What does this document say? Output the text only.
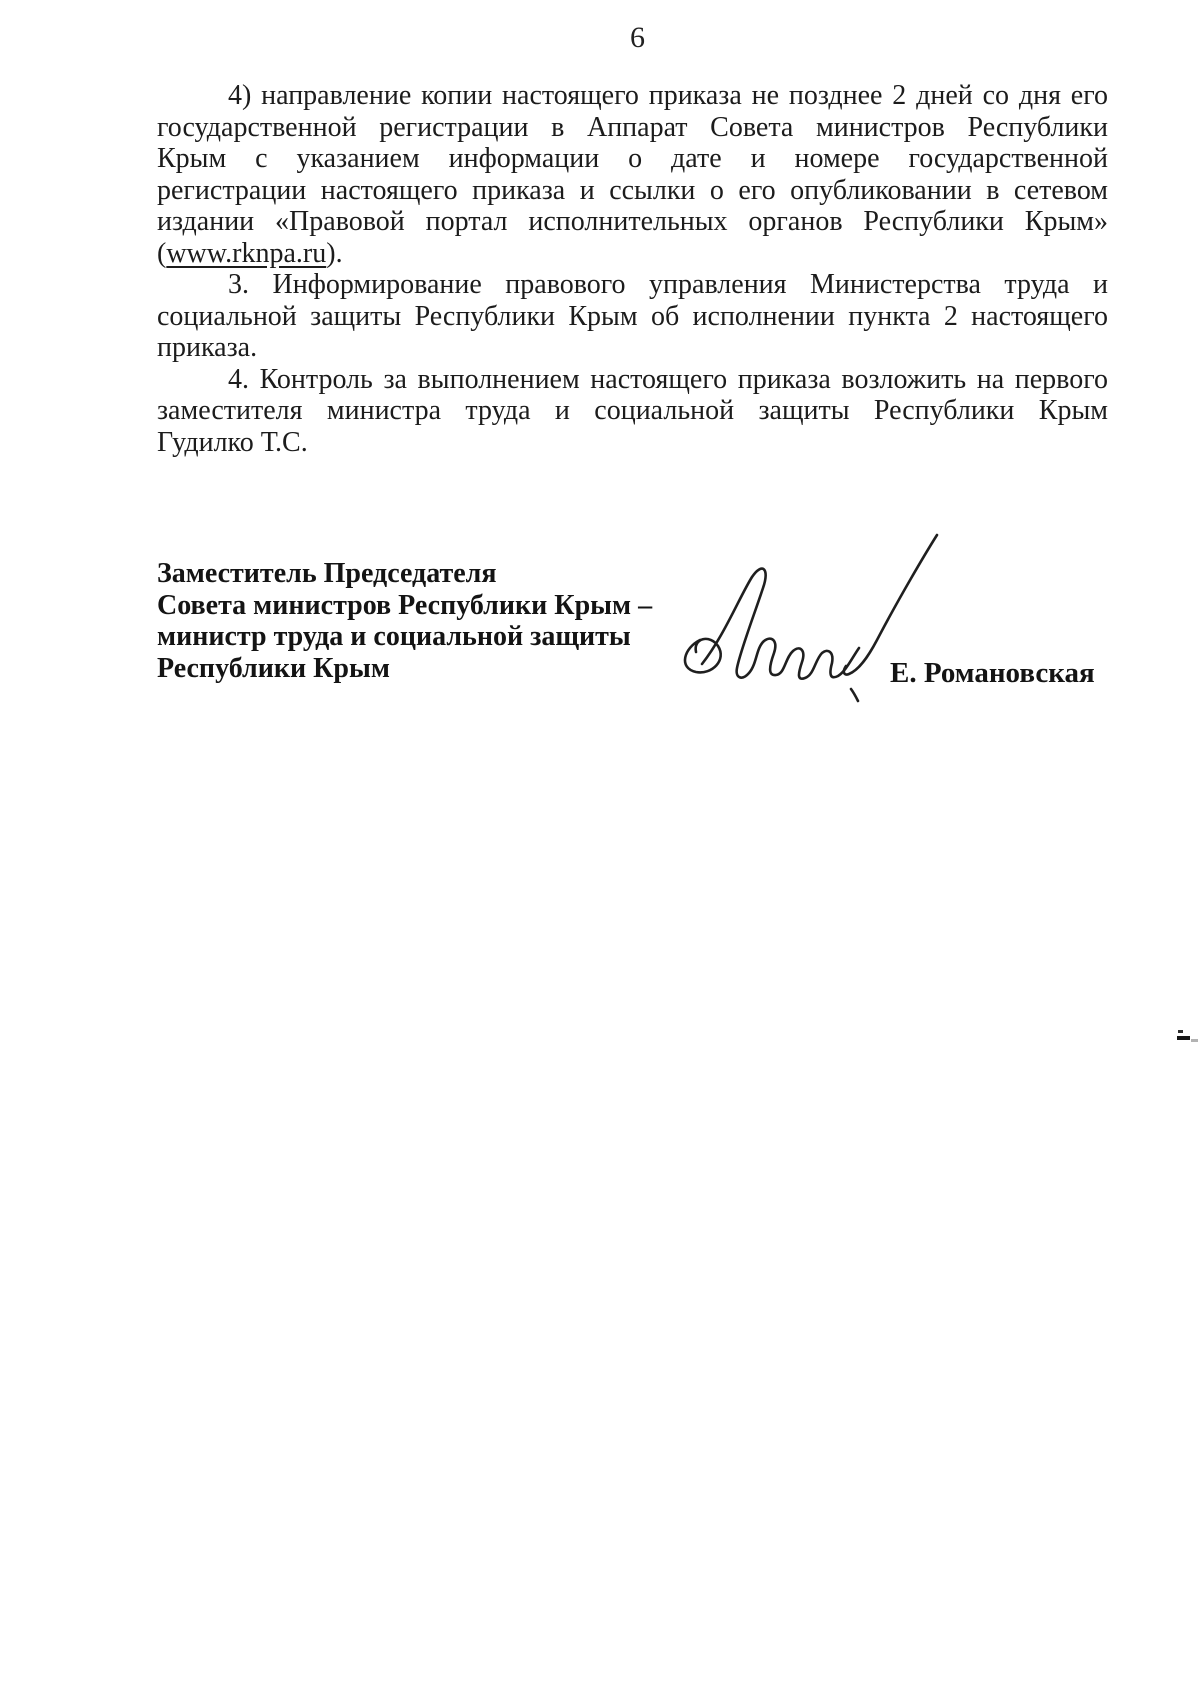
6
4) направление копии настоящего приказа не позднее 2 дней со дня его
государственной регистрации в Аппарат Совета министров Республики
Крым с указанием информации о дате и номере государственной
регистрации настоящего приказа и ссылки о его опубликовании в сетевом
издании «Правовой портал исполнительных органов Республики Крым»
(www.rknpa.ru).
3. Информирование правового управления Министерства труда и
социальной защиты Республики Крым об исполнении пункта 2 настоящего
приказа.
4. Контроль за выполнением настоящего приказа возложить на первого
заместителя министра труда и социальной защиты Республики Крым
Гудилко Т.С.
Заместитель Председателя
Совета министров Республики Крым –
министр труда и социальной защиты
Республики Крым	Е. Романовская
